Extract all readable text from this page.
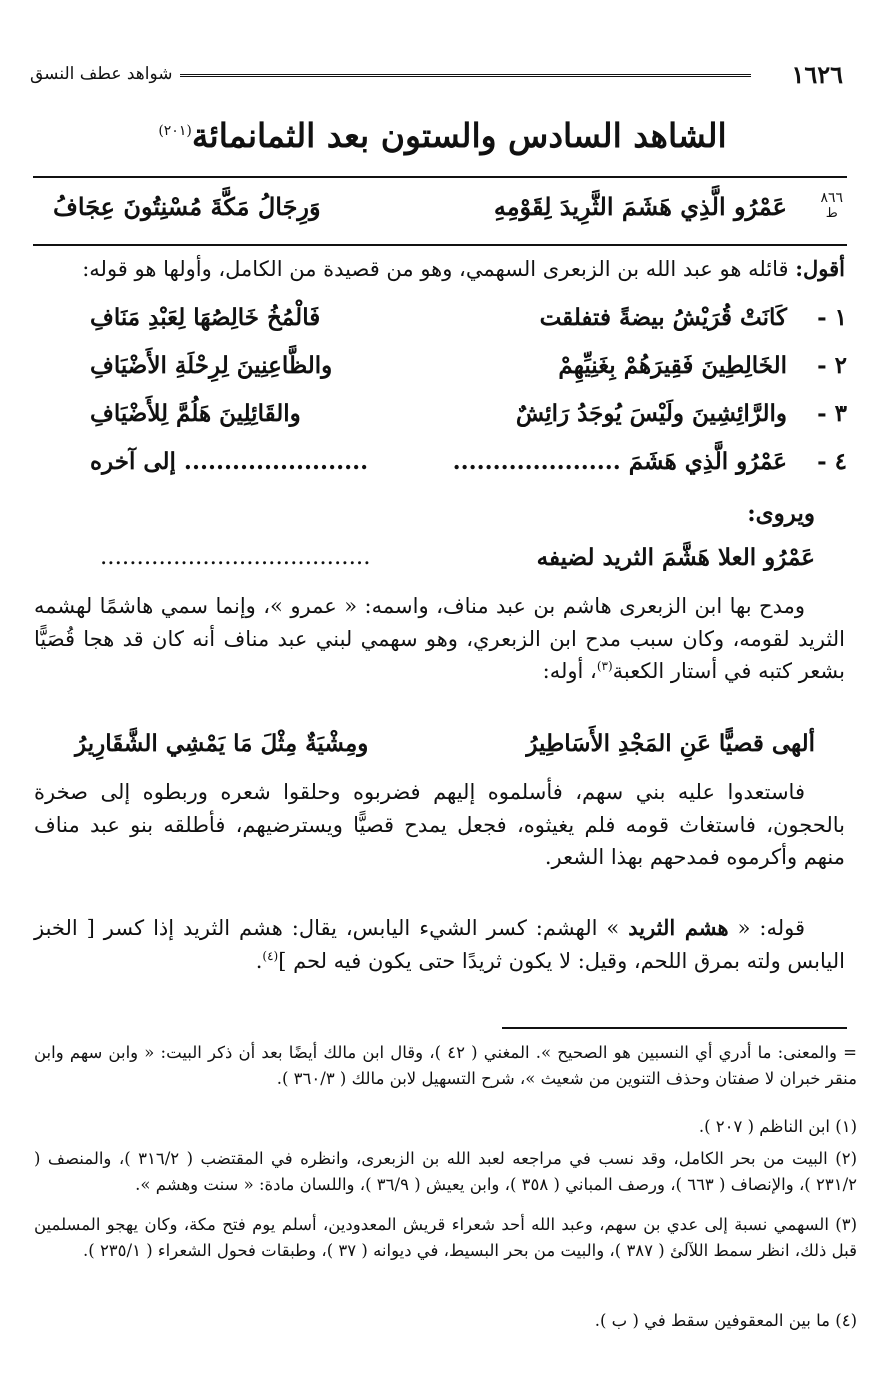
١٦٢٦
شواهد عطف النسق
الشاهد السادس والستون بعد الثمانمائة$^{(٢٠١)}$
٨٦٦
ط
عَمْرُو الَّذِي هَشَمَ الثَّرِيدَ لِقَوْمِهِ
وَرِجَالُ مَكَّةَ مُسْنِتُونَ عِجَافُ
أقول: قائله هو عبد الله بن الزبعرى السهمي، وهو من قصيدة من الكامل، وأولها هو قوله:
١ -
كَانَتْ قُرَيْشُ بيضةً فتفلقت
فَالْمُخُ خَالِصُهَا لِعَبْدِ مَنَافِ
٢ -
الخَالِطِينَ فَقِيرَهُمْ بِغَنِيِّهِمْ
والظَّاعِنِينَ لِرِحْلَةِ الأَضْيَافِ
٣ -
والرَّائِشِينَ ولَيْسَ يُوجَدُ رَائِشٌ
والقَائِلِينَ هَلُمَّ لِلأَضْيَافِ
٤ -
عَمْرُو الَّذِي هَشَمَ .....................
....................... إلى آخره
ويروى:
عَمْرُو العلا هَشَّمَ الثريد لضيفه
.....................................
ومدح بها ابن الزبعرى هاشم بن عبد مناف، واسمه: « عمرو »، وإنما سمي هاشمًا لهشمه الثريد لقومه، وكان سبب مدح ابن الزبعري، وهو سهمي لبني عبد مناف أنه كان قد هجا قُصَيًّا بشعر كتبه في أستار الكعبة$^{(٣)}$، أوله:
ألهى قصيًّا عَنِ المَجْدِ الأَسَاطِيرُ
ومِشْيَةٌ مِثْلَ مَا يَمْشِي الشَّقَارِيرُ
فاستعدوا عليه بني سهم، فأسلموه إليهم فضربوه وحلقوا شعره وربطوه إلى صخرة بالحجون، فاستغاث قومه فلم يغيثوه، فجعل يمدح قصيًّا ويسترضيهم، فأطلقه بنو عبد مناف منهم وأكرموه فمدحهم بهذا الشعر.
قوله: « هشم الثريد » الهشم: كسر الشيء اليابس، يقال: هشم الثريد إذا كسر [ الخبز اليابس ولته بمرق اللحم، وقيل: لا يكون ثريدًا حتى يكون فيه لحم ]$^{(٤)}$.
= والمعنى: ما أدري أي النسبين هو الصحيح ». المغني ( ٤٢ )، وقال ابن مالك أيضًا بعد أن ذكر البيت: « وابن سهم وابن منقر خبران لا صفتان وحذف التنوين من شعيث »، شرح التسهيل لابن مالك ( ٣٦٠/٣ ).
(١) ابن الناظم ( ٢٠٧ ).
(٢) البيت من بحر الكامل، وقد نسب في مراجعه لعبد الله بن الزبعرى، وانظره في المقتضب ( ٣١٦/٢ )، والمنصف ( ٢٣١/٢ )، والإنصاف ( ٦٦٣ )، ورصف المباني ( ٣٥٨ )، وابن يعيش ( ٣٦/٩ )، واللسان مادة: « سنت وهشم ».
(٣) السهمي نسبة إلى عدي بن سهم، وعبد الله أحد شعراء قريش المعدودين، أسلم يوم فتح مكة، وكان يهجو المسلمين قبل ذلك، انظر سمط اللآلئ ( ٣٨٧ )، والبيت من بحر البسيط، في ديوانه ( ٣٧ )، وطبقات فحول الشعراء ( ٢٣٥/١ ).
(٤) ما بين المعقوفين سقط في ( ب ).
